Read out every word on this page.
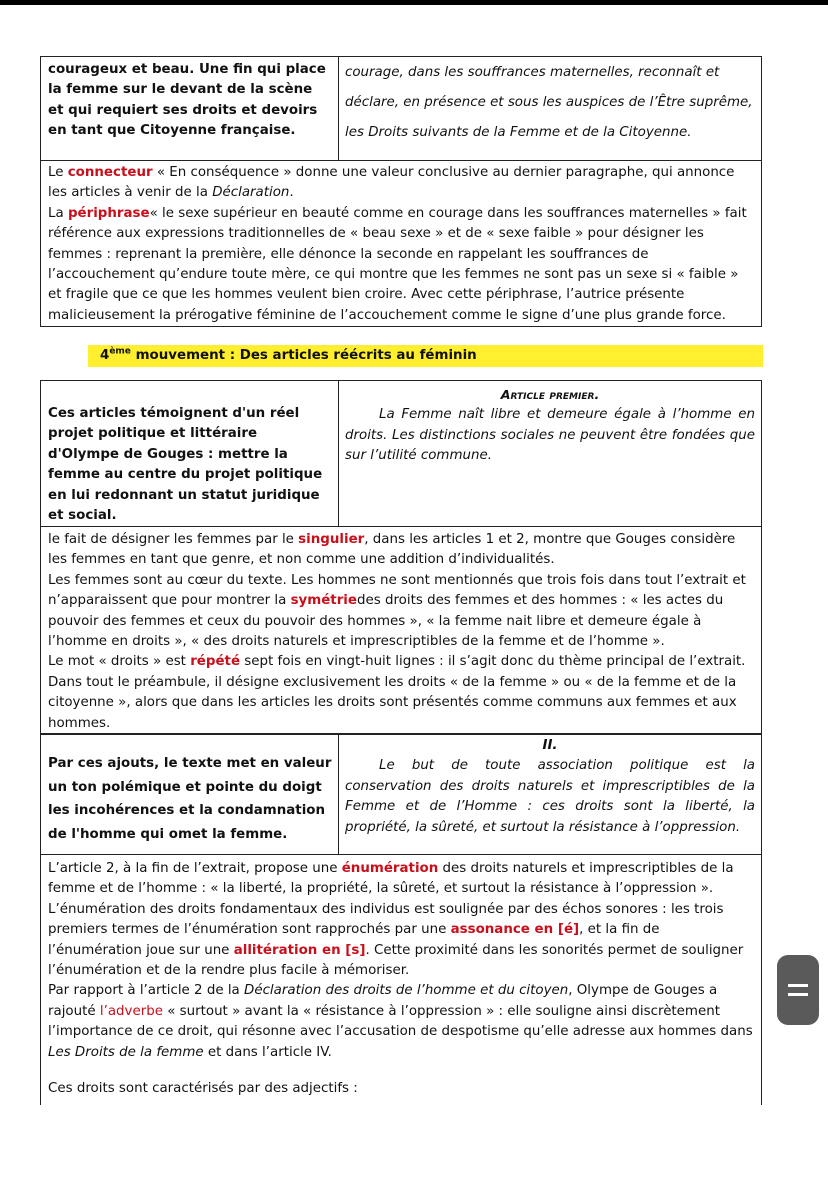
courageux et beau. Une fin qui place la femme sur le devant de la scène et qui requiert ses droits et devoirs en tant que Citoyenne française.
courage, dans les souffrances maternelles, reconnaît et déclare, en présence et sous les auspices de l’Être suprême, les Droits suivants de la Femme et de la Citoyenne.
Le connecteur « En conséquence » donne une valeur conclusive au dernier paragraphe, qui annonce les articles à venir de la Déclaration.
La périphrase« le sexe supérieur en beauté comme en courage dans les souffrances maternelles » fait référence aux expressions traditionnelles de « beau sexe » et de « sexe faible » pour désigner les femmes : reprenant la première, elle dénonce la seconde en rappelant les souffrances de l’accouchement qu’endure toute mère, ce qui montre que les femmes ne sont pas un sexe si « faible » et fragile que ce que les hommes veulent bien croire. Avec cette périphrase, l’autrice présente malicieusement la prérogative féminine de l’accouchement comme le signe d’une plus grande force.
4ème mouvement : Des articles réécrits au féminin
Ces articles témoignent d'un réel projet politique et littéraire d'Olympe de Gouges : mettre la femme au centre du projet politique en lui redonnant un statut juridique et social.
Article premier.
La Femme naît libre et demeure égale à l’homme en droits. Les distinctions sociales ne peuvent être fondées que sur l’utilité commune.
le fait de désigner les femmes par le singulier, dans les articles 1 et 2, montre que Gouges considère les femmes en tant que genre, et non comme une addition d’individualités.
Les femmes sont au cœur du texte. Les hommes ne sont mentionnés que trois fois dans tout l’extrait et n’apparaissent que pour montrer la symétriedes droits des femmes et des hommes : « les actes du pouvoir des femmes et ceux du pouvoir des hommes », « la femme nait libre et demeure égale à l’homme en droits », « des droits naturels et imprescriptibles de la femme et de l’homme ».
Le mot « droits » est répété sept fois en vingt-huit lignes : il s’agit donc du thème principal de l’extrait. Dans tout le préambule, il désigne exclusivement les droits « de la femme » ou « de la femme et de la citoyenne », alors que dans les articles les droits sont présentés comme communs aux femmes et aux hommes.
Par ces ajouts, le texte met en valeur un ton polémique et pointe du doigt les incohérences et la condamnation de l'homme qui omet la femme.
II.
Le but de toute association politique est la conservation des droits naturels et imprescriptibles de la Femme et de l’Homme : ces droits sont la liberté, la propriété, la sûreté, et surtout la résistance à l’oppression.
L’article 2, à la fin de l’extrait, propose une énumération des droits naturels et imprescriptibles de la femme et de l’homme : « la liberté, la propriété, la sûreté, et surtout la résistance à l’oppression ».
L’énumération des droits fondamentaux des individus est soulignée par des échos sonores : les trois premiers termes de l’énumération sont rapprochés par une assonance en [é], et la fin de l’énumération joue sur une allitération en [s]. Cette proximité dans les sonorités permet de souligner l’énumération et de la rendre plus facile à mémoriser.
Par rapport à l’article 2 de la Déclaration des droits de l’homme et du citoyen, Olympe de Gouges a rajouté l’adverbe « surtout » avant la « résistance à l’oppression » : elle souligne ainsi discrètement l’importance de ce droit, qui résonne avec l’accusation de despotisme qu’elle adresse aux hommes dans Les Droits de la femme et dans l’article IV.
Ces droits sont caractérisés par des adjectifs :
